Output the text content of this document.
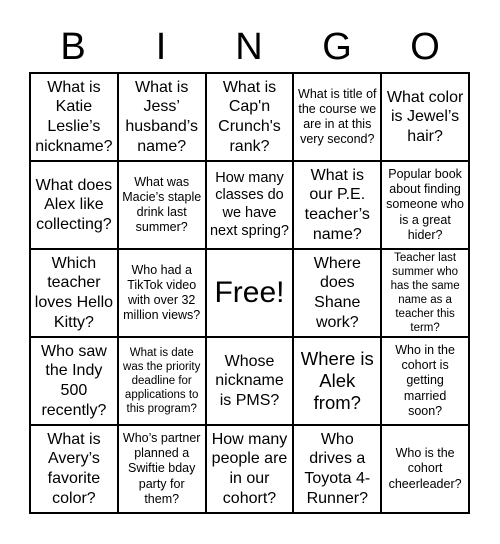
B	I	N	G	O
What is Katie Leslie’s nickname?
What is Jess’ husband’s name?
What is Cap'n Crunch's rank?
What is title of the course we are in at this very second?
What color is Jewel’s hair?
What does Alex like collecting?
What was Macie’s staple drink last summer?
How many classes do we have next spring?
What is our P.E. teacher’s name?
Popular book about finding someone who is a great hider?
Which teacher loves Hello Kitty?
Who had a TikTok video with over 32 million views?
Free!
Where does Shane work?
Teacher last summer who has the same name as a teacher this term?
Who saw the Indy 500 recently?
What is date was the priority deadline for applications to this program?
Whose nickname is PMS?
Where is Alek from?
Who in the cohort is getting married soon?
What is Avery’s favorite color?
Who’s partner planned a Swiftie bday party for them?
How many people are in our cohort?
Who drives a Toyota 4-Runner?
Who is the cohort cheerleader?
